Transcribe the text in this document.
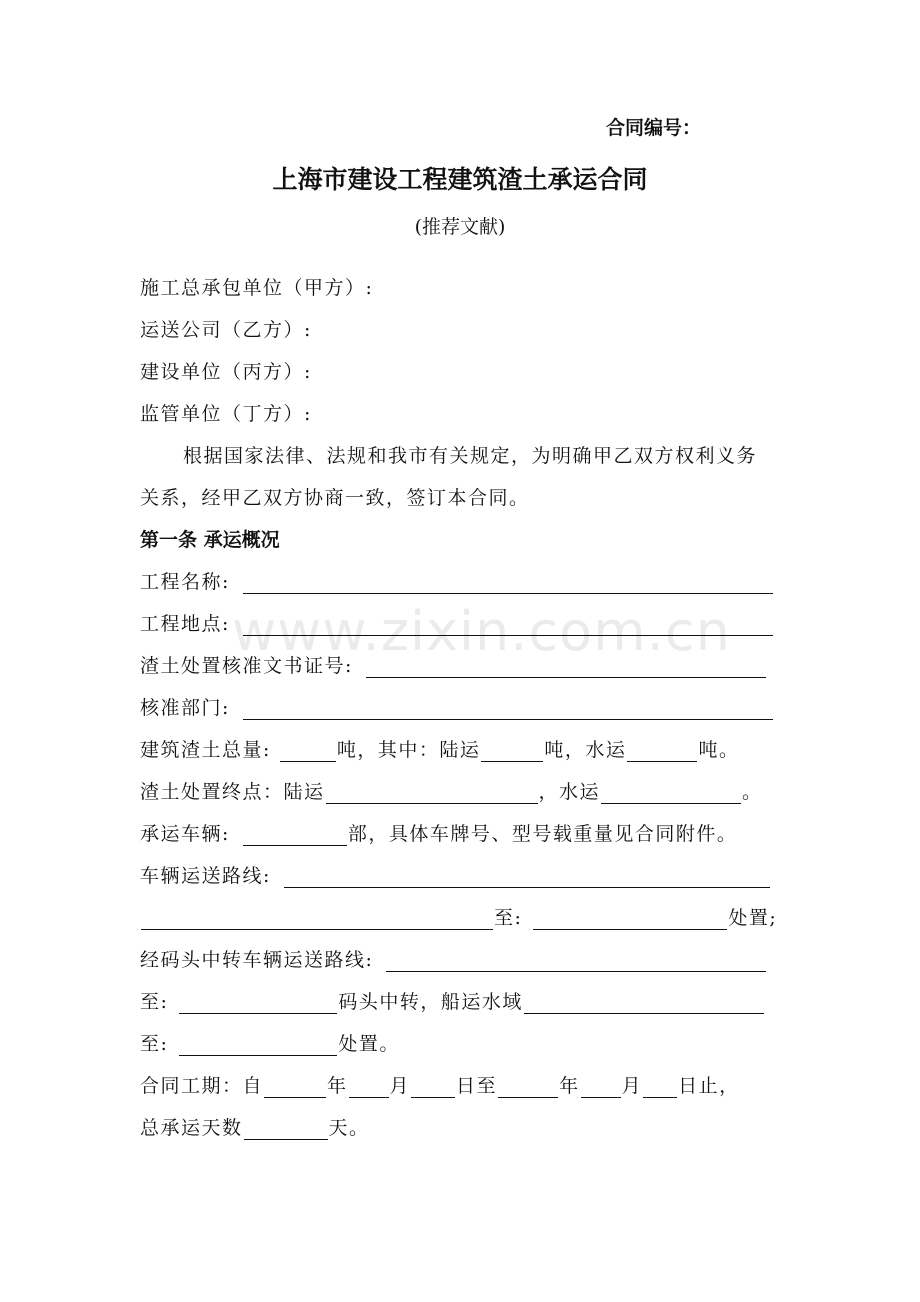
www.zixin.com.cn
合同编号：
上海市建设工程建筑渣土承运合同
(推荐文献)
施工总承包单位（甲方）:
运送公司（乙方）:
建设单位（丙方）:
监管单位（丁方）:
根据国家法律、法规和我市有关规定，为明确甲乙双方权利义务
关系，经甲乙双方协商一致，签订本合同。
第一条 承运概况
工程名称:
工程地点:
渣土处置核准文书证号:
核准部门:
建筑渣土总量:	吨，其中：陆运	吨，水运	吨。
渣土处置终点：陆运	，水运	。
承运车辆:	部，具体车牌号、型号载重量见合同附件。
车辆运送路线:
至:	处置;
经码头中转车辆运送路线:
至:	码头中转，船运水域
至:	处置。
合同工期：自	年 月 日至	年 月 日止，
总承运天数	天。
